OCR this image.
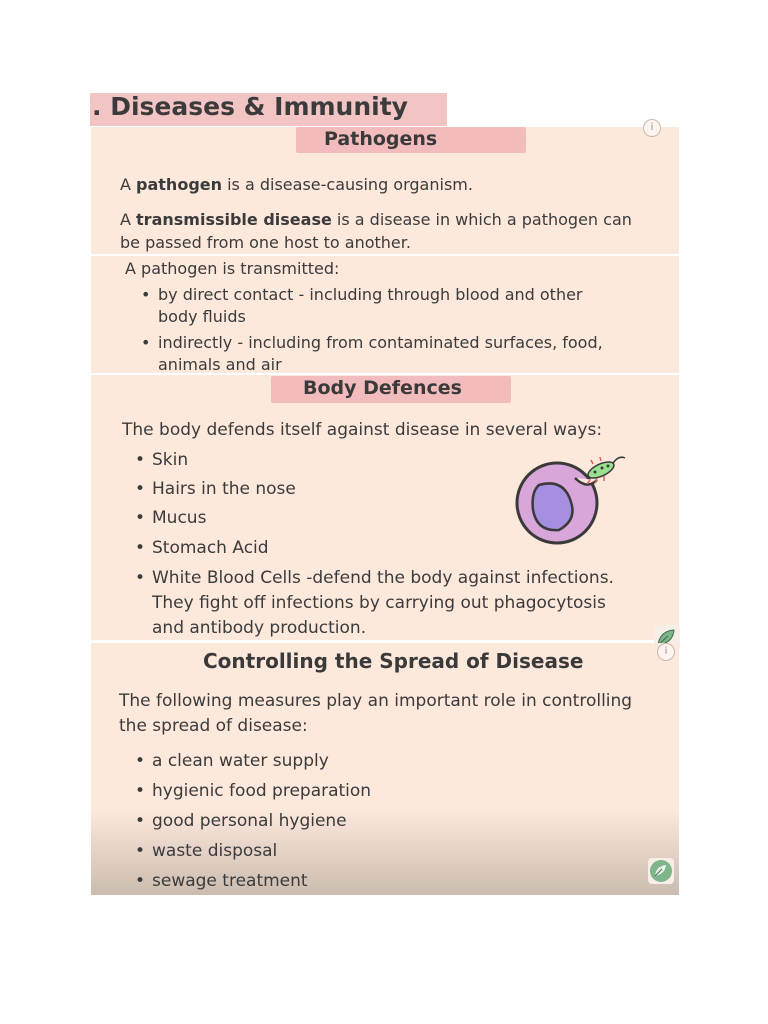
. Diseases & Immunity
Pathogens
A pathogen is a disease-causing organism.
A transmissible disease is a disease in which a pathogen can
be passed from one host to another.
i
A pathogen is transmitted:
• by direct contact - including through blood and other
body fluids
• indirectly - including from contaminated surfaces, food,
animals and air
Body Defences
The body defends itself against disease in several ways:
• Skin
• Hairs in the nose
• Mucus
• Stomach Acid
• White Blood Cells -defend the body against infections.
They fight off infections by carrying out phagocytosis
and antibody production.
Controlling the Spread of Disease
The following measures play an important role in controlling
the spread of disease:
• a clean water supply
• hygienic food preparation
• good personal hygiene
• waste disposal
• sewage treatment
i
